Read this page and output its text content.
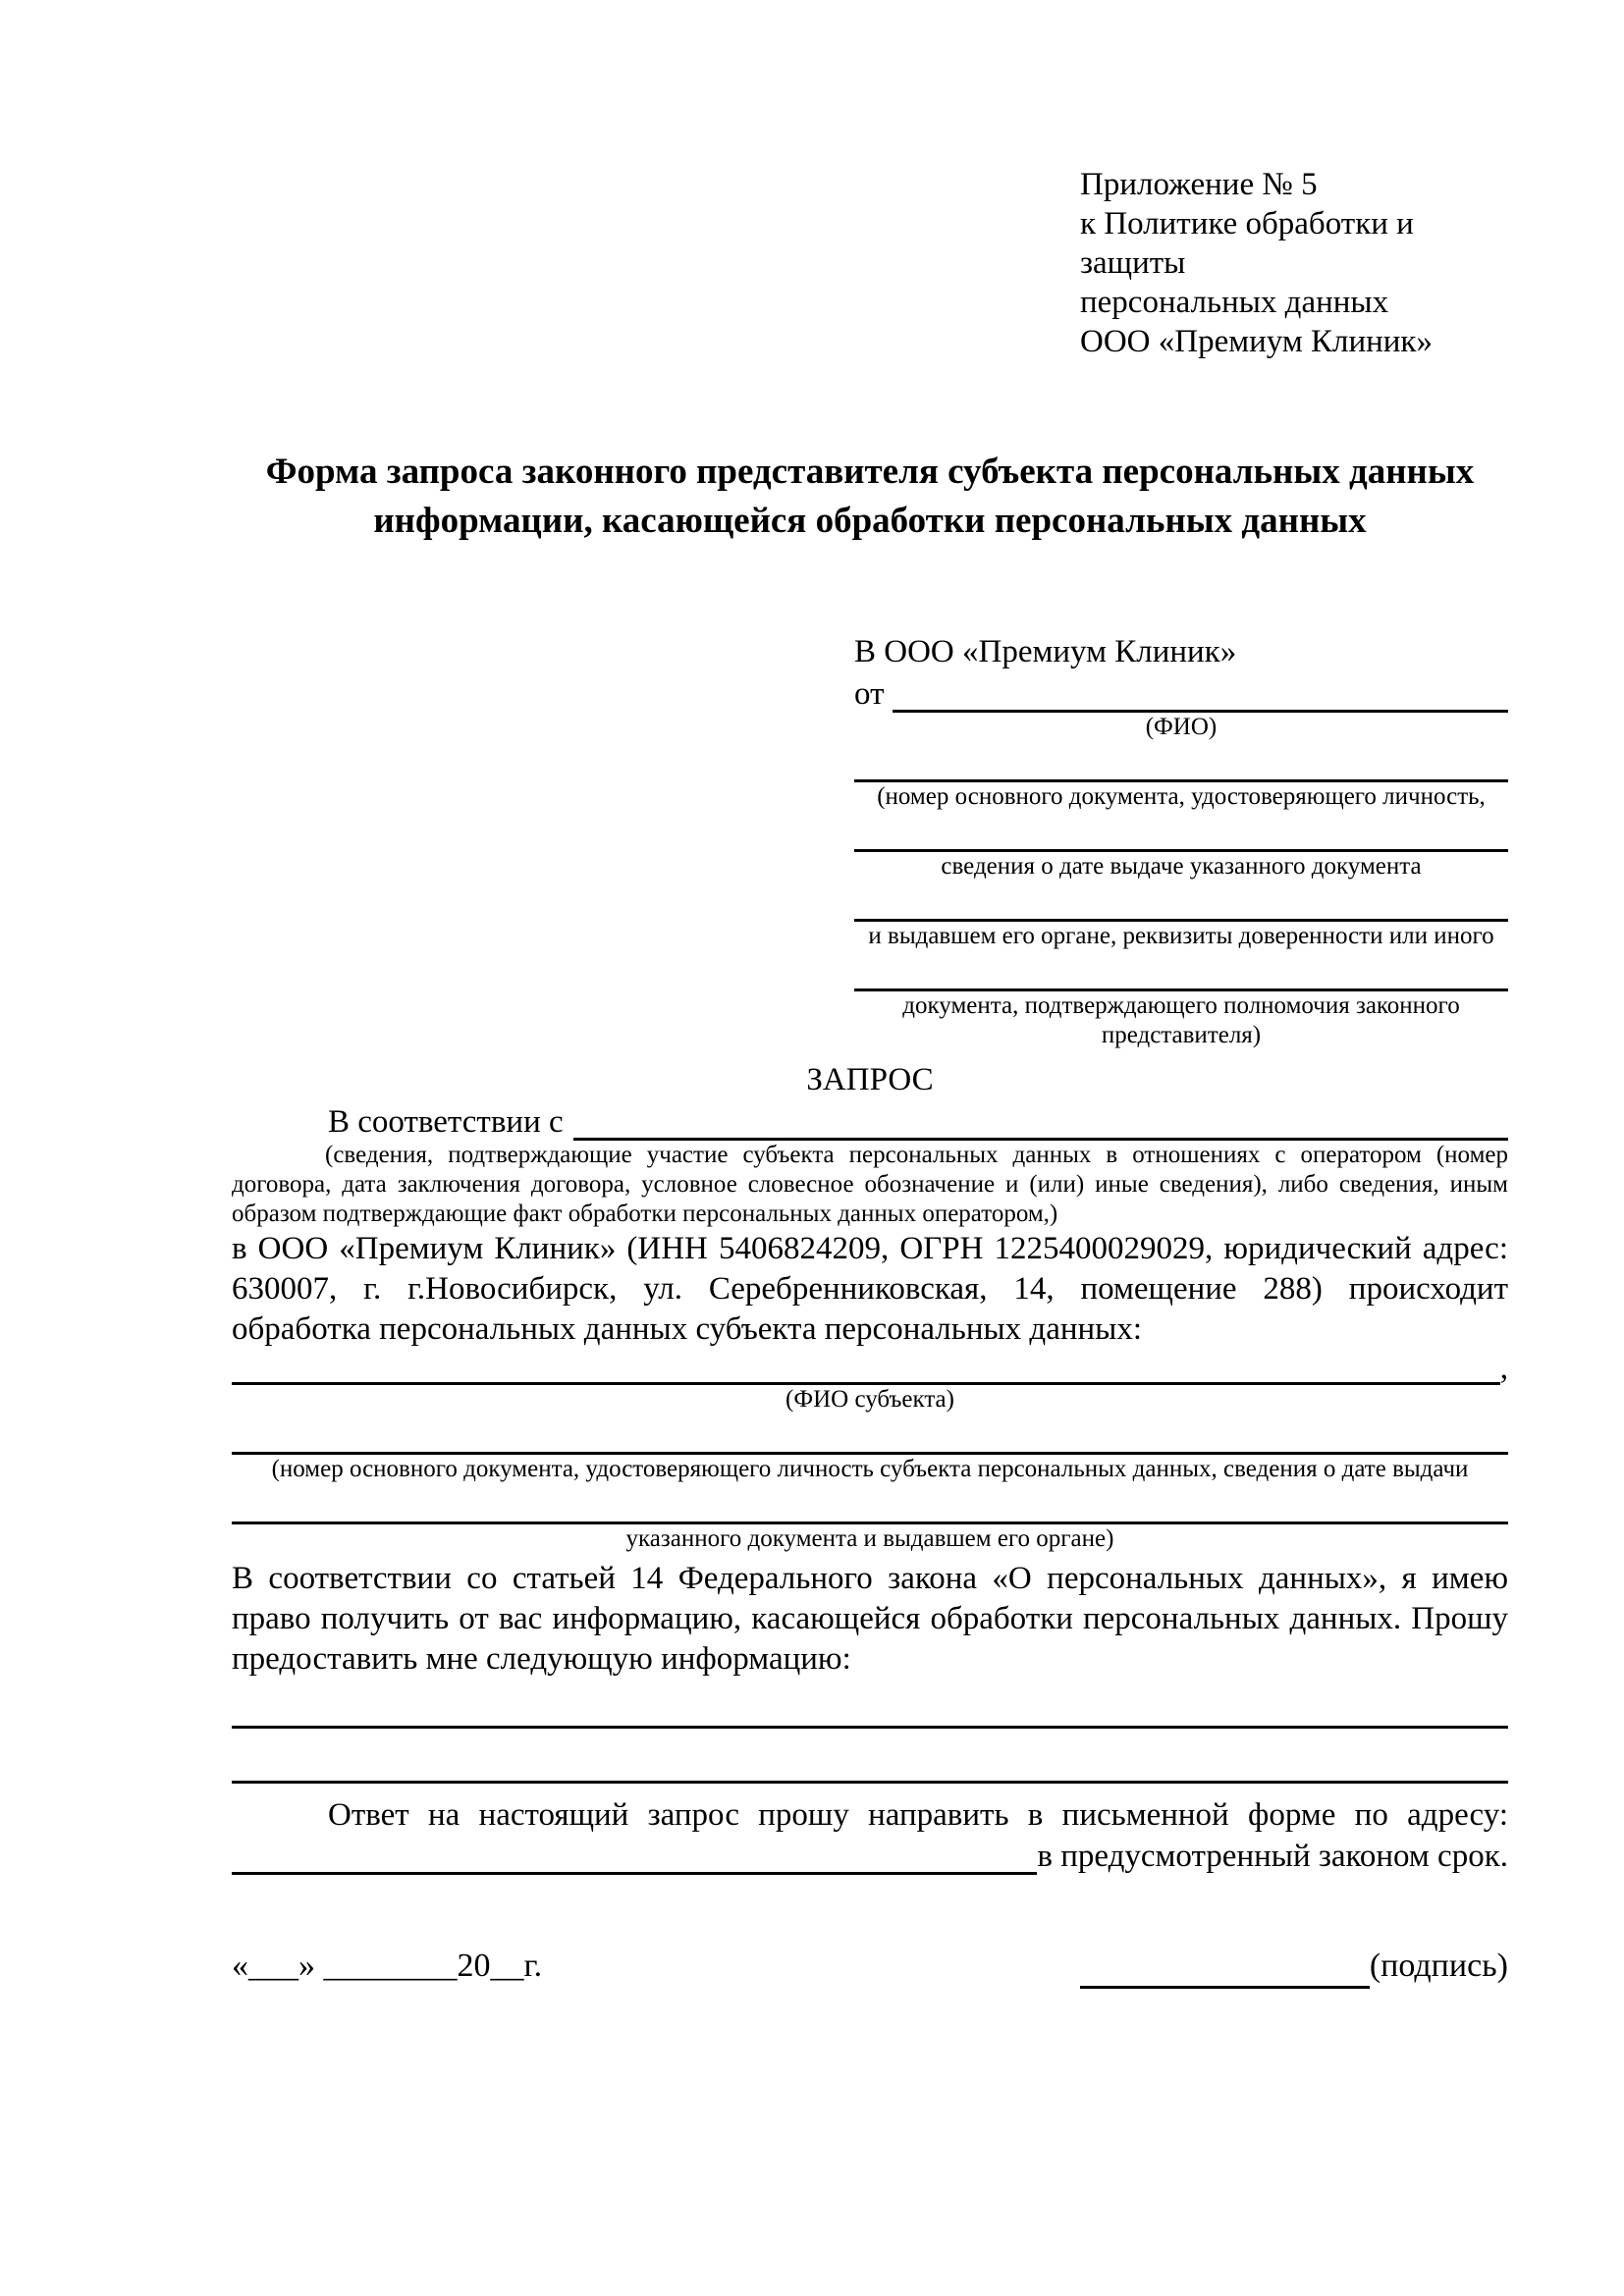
Приложение № 5
к Политике обработки и защиты
персональных данных
ООО «Премиум Клиник»
Форма запроса законного представителя субъекта персональных данных
информации, касающейся обработки персональных данных
В ООО «Премиум Клиник»
от
(ФИО)
(номер основного документа, удостоверяющего личность,
сведения о дате выдаче указанного документа
и выдавшем его органе, реквизиты доверенности или иного
документа, подтверждающего полномочия законного представителя)
ЗАПРОС
В соответствии с

(сведения, подтверждающие участие субъекта персональных данных в отношениях с оператором (номер договора, дата заключения договора, условное словесное обозначение и (или) иные сведения), либо сведения, иным образом подтверждающие факт обработки персональных данных оператором,)

в ООО «Премиум Клиник» (ИНН 5406824209, ОГРН 1225400029029, юридический адрес: 630007, г. г.Новосибирск, ул. Серебренниковская, 14, помещение 288) происходит обработка персональных данных субъекта персональных данных:

,
(ФИО субъекта)
(номер основного документа, удостоверяющего личность субъекта персональных данных, сведения о дате выдачи
указанного документа и выдавшем его органе)

В соответствии со статьей 14 Федерального закона «О персональных данных», я имею право получить от вас информацию, касающейся обработки персональных данных. Прошу предоставить мне следующую информацию:

Ответ на настоящий запрос прошу направить в письменной форме по адресу:

в предусмотренный законом срок.
«___» ________20__г.	(подпись)
